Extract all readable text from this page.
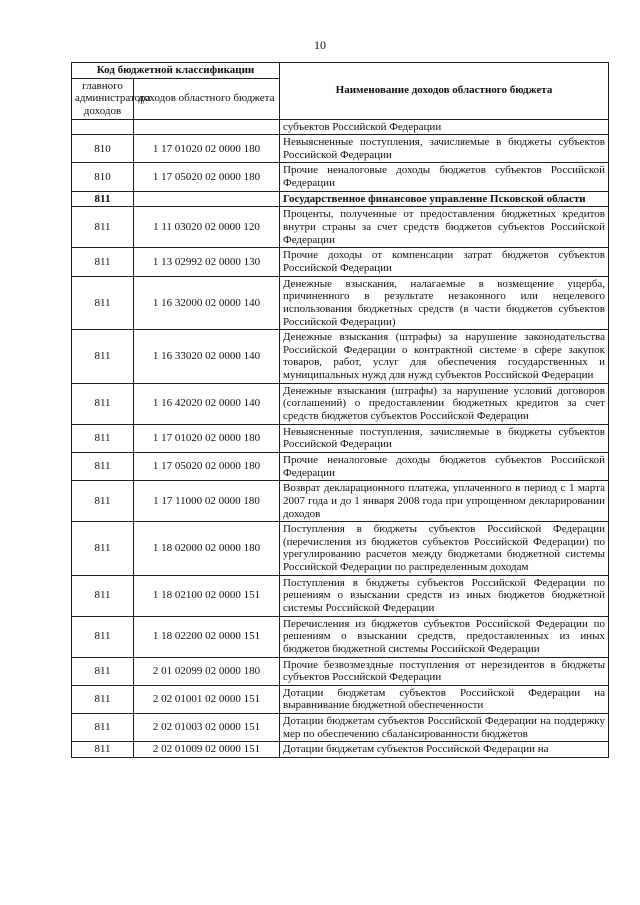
10
Код бюджетной классификации		Наименование доходов областного бюджета
главного администратора доходов	доходов областного бюджета	
		субъектов Российской Федерации
810	1 17 01020 02 0000 180	Невыясненные поступления, зачисляемые в бюджеты субъектов Российской Федерации
810	1 17 05020 02 0000 180	Прочие неналоговые доходы бюджетов субъектов Российской Федерации
811		Государственное финансовое управление Псковской области
811	1 11 03020 02 0000 120	Проценты, полученные от предоставления бюджетных кредитов внутри страны за счет средств бюджетов субъектов Российской Федерации
811	1 13 02992 02 0000 130	Прочие доходы от компенсации затрат бюджетов субъектов Российской Федерации
811	1 16 32000 02 0000 140	Денежные взыскания, налагаемые в возмещение ущерба, причиненного в результате незаконного или нецелевого использования бюджетных средств (в части бюджетов субъектов Российской Федерации)
811	1 16 33020 02 0000 140	Денежные взыскания (штрафы) за нарушение законодательства Российской Федерации о контрактной системе в сфере закупок товаров, работ, услуг для обеспечения государственных и муниципальных нужд для нужд субъектов Российской Федерации
811	1 16 42020 02 0000 140	Денежные взыскания (штрафы) за нарушение условий договоров (соглашений) о предоставлении бюджетных кредитов за счет средств бюджетов субъектов Российской Федерации
811	1 17 01020 02 0000 180	Невыясненные поступления, зачисляемые в бюджеты субъектов Российской Федерации
811	1 17 05020 02 0000 180	Прочие неналоговые доходы бюджетов субъектов Российской Федерации
811	1 17 11000 02 0000 180	Возврат декларационного платежа, уплаченного в период с 1 марта 2007 года и до 1 января 2008 года при упрощенном декларировании доходов
811	1 18 02000 02 0000 180	Поступления в бюджеты субъектов Российской Федерации (перечисления из бюджетов субъектов Российской Федерации) по урегулированию расчетов между бюджетами бюджетной системы Российской Федерации по распределенным доходам
811	1 18 02100 02 0000 151	Поступления в бюджеты субъектов Российской Федерации по решениям о взыскании средств из иных бюджетов бюджетной системы Российской Федерации
811	1 18 02200 02 0000 151	Перечисления из бюджетов субъектов Российской Федерации по решениям о взыскании средств, предоставленных из иных бюджетов бюджетной системы Российской Федерации
811	2 01 02099 02 0000 180	Прочие безвозмездные поступления от нерезидентов в бюджеты субъектов Российской Федерации
811	2 02 01001 02 0000 151	Дотации бюджетам субъектов Российской Федерации на выравнивание бюджетной обеспеченности
811	2 02 01003 02 0000 151	Дотации бюджетам субъектов Российской Федерации на поддержку мер по обеспечению сбалансированности бюджетов
811	2 02 01009 02 0000 151	Дотации бюджетам субъектов Российской Федерации на
